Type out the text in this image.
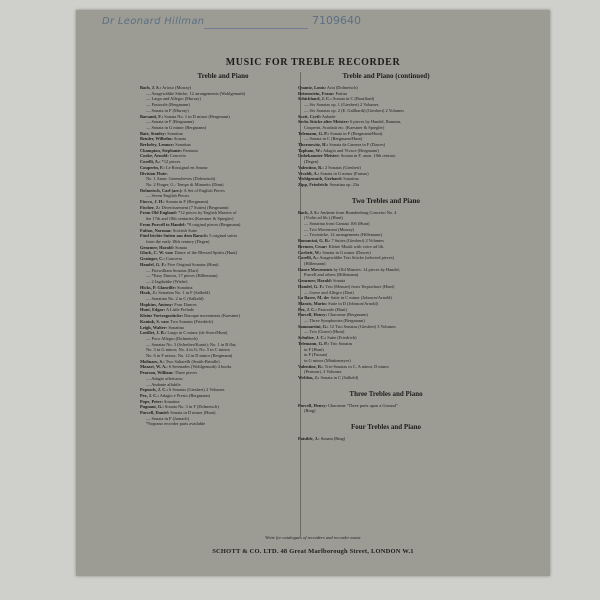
Dr Leonard Hillman	7109640
MUSIC FOR TREBLE RECORDER
Treble and Piano
Bach, J. S.: Arioso (Murray)
— Ausgewählte Stücke, 12 arrangements (Wohlgemuth)
— Largo and Allegro (Murray)
— Pastorale (Bergmann)
— Sonata in F (Murray)
Barsanti, F.: Sonata No. 1 in D minor (Bergmann)
— Sonata in F (Bergmann)
— Sonata in G minor (Bergmann)
Bate, Stanley: Sonatina
Bender, Wilhelm: Sonata
Berkeley, Lennox: Sonatina
Champion, Stephanie: Fantasia
Cooke, Arnold: Concerto
Corelli, A.: *12 pieces
Couperin, F.: Le Rossignol en Amour
Division Flute:
No. 1 Anon: Greensleeves (Dolmetsch)
No. 2 Finger, G.: Tempo di Minuetto (Dinn)
Dolmetsch, Carl (arr.): A Set of English Pieces
— Seven English Pieces
Fiocco, J. H.: Sonata in F (Bergmann)
Fischer, J.: Divertissement (7 Suites) (Bergmann)
From Old England: *12 pieces by English Masters of
the 17th and 18th centuries (Kaestner & Spiegler)
From Purcell to Handel: *8 original pieces (Bergmann)
Fulton, Norman: Scottish Suite
Fünf leichte Suiten aus dem Barock: 5 original suites
from the early 18th century (Degen)
Genzmer, Harald: Sonata
Gluck, C. W. von: Dance of the Blessed Spirits (Hunt)
Grainger, C.: Concerto
Handel, G. F.: Five Original Sonatas (Hunt)
— Fitzwilliam Sonatas (Dart)
— *Easy Dances, 17 pieces (Hillemann)
— 2 Jagdstüke (Wiehe)
Hicks, P. Glanville: Sonatina
Hook, J.: Sonatina No. 1 in F (Salkeld)
— Sonatina No. 2 in C (Salkeld)
Hopkins, Antony: Four Dances
Hunt, Edgar: A Little Prelude
Kleine Vortragsstücke: Baroque movements (Kaestner)
Konink, S. van: Two Sonatas (Friedrich)
Leigh, Walter: Sonatina
Loeillet, J. B.: Largo in C minor (de Swert/Hunt)
— Poco Allegro (Dolmetsch)
— Sonatas No. 3 (Scherber/Kuntz); No. 1 in B flat;
No. 3 in G minor; No. 4 in G; No. 5 in C minor;
No. 6 in F minor; No. 12 in D minor (Bergmann)
Molinaro, S.: Two Saltarelli (Smith-Brindle)
Mozart, W. A.: 6 Serenades (Wohlgemuth) 4 books
Pearson, William: Three pieces
— Adagio affettuoso
— Andante affabile
Pepusch, J. C.: 6 Sonatas (Giesbert) 2 Volumes
Pez, J. C.: Adagio e Presto (Bergmann)
Pope, Peter: Sonatina
Pugnani, G.: Sonata No. 3 in F (Dolmetsch)
Purcell, Daniel: Sonata in D minor (Hunt)
— Sonata in F (Jarnach)
*Soprano recorder parts available
Treble and Piano (continued)
Quantz, Louis: Aria (Dolmetsch)
Reizenstein, Franz: Partita
Schickhard, J. C.: Sonata in C (Bouillard)
— Six Sonatas op. 1 (Giesbert) 2 Volumes
— Six Sonatas op. 2 (E. Gallhardt) (Giesbert) 2 Volumes
Scott, Cyril: Aubade
Sechs Stücke alter Meister: 6 pieces by Handel, Rameau,
Couperin, Scarlatti etc. (Kaestner & Spiegler)
Telemann, G. P.: Sonata in F (Bergmann/Hunt)
— Sonata in C (Bergmann/Hunt)
Thornowitz, H.: Sonata da Camera in F (Dawes)
Topham, W.: Adagio and Vivace (Bergmann)
Unbekannter Meister: Sonata in F, anon. 18th century
(Degen)
Valentino, R.: 2 Sonatas (Giesbert)
Vivaldi, A.: Sonata in G minor (Furnas)
Wohlgemuth, Gerhard: Sonatina
Zipp, Friedrich: Sonatina op. 23a
Two Trebles and Piano
Bach, J. S.: Andante from Brandenburg Concerto No. 4
(Violin ad lib.) (Hunt)
— Sonatina from Cantata 106 (Hunt)
— Trio Movement (Murray)
— Triostücke, 12 arrangements (Hillemann)
Bononcini, G. B.: 7 Suites (Giesbert) 2 Volumes
Bremen, Cesar: Kleine Musik with voice ad lib.
Corbett, W.: Sonata in G minor (Dawes)
Corelli, A.: Ausgewählte Trio Stücke (selected pieces)
(Hillemann)
Dance Movements by Old Masters: 14 pieces by Handel,
Purcell and others (Hillemann)
Genzmer, Harald: Sonata
Handel, G. F.: Trio (Menuet) from Terpsichore (Hunt)
— Grave and Allegro (Dart)
La Barre, M. de: Suite in C minor (Johnson/Arnold)
Marais, Marin: Suite in D (Johnson/Arnold)
Pez, J. C.: Pastorale (Hunt)
Purcell, Henry: Chaconne (Bergmann)
— Three Symphonies (Bergmann)
Sammartini, G.: 12 Trio Sonatas (Giesbert) 3 Volumes
— Trio (Grave) (Hunt)
Schultze, J. C.: Suite (Friedrich)
Telemann, G. P.: Trio Sonatas
in F (Hunt)
in F (Fussan)
in G minor (Mönkemeyer)
Valentine, R.: Trio-Sonatas in C, A minor, D minor
(Pearson), 3 Volumes
Weldon, J.: Sonata in C (Salkeld)
Three Trebles and Piano
Purcell, Henry: Chaconne "Three parts upon a Ground"
(Ring)
Four Trebles and Piano
Paisible, J.: Sonata (Ring)
Write for catalogues of recorders and recorder music
SCHOTT & CO. LTD. 48 Great Marlborough Street, LONDON W.1
